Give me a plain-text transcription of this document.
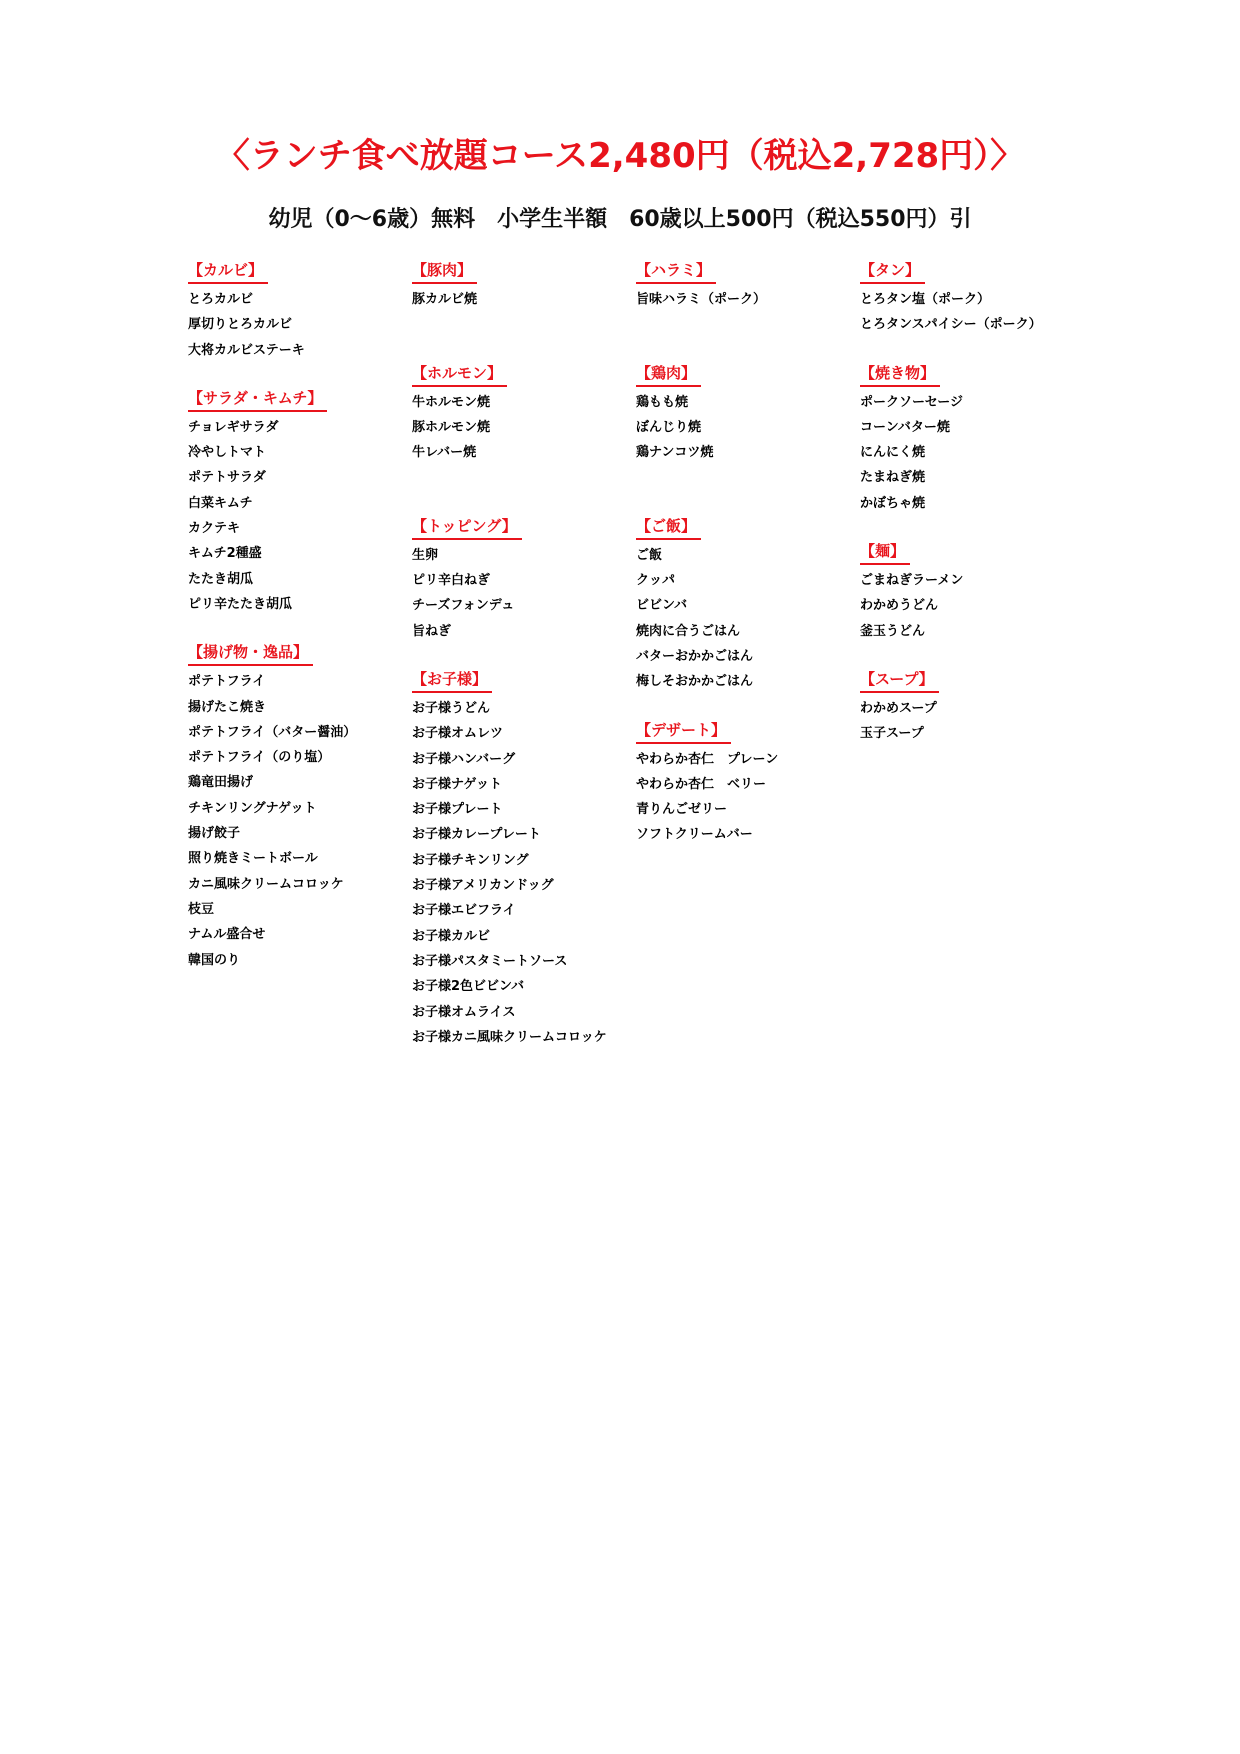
〈ランチ食べ放題コース2,480円（税込2,728円）〉
幼児（0～6歳）無料　小学生半額　60歳以上500円（税込550円）引
【カルビ】
とろカルビ
厚切りとろカルビ
大将カルビステーキ
【サラダ・キムチ】
チョレギサラダ
冷やしトマト
ポテトサラダ
白菜キムチ
カクテキ
キムチ2種盛
たたき胡瓜
ピリ辛たたき胡瓜
【揚げ物・逸品】
ポテトフライ
揚げたこ焼き
ポテトフライ（バター醤油）
ポテトフライ（のり塩）
鶏竜田揚げ
チキンリングナゲット
揚げ餃子
照り焼きミートボール
カニ風味クリームコロッケ
枝豆
ナムル盛合せ
韓国のり
【豚肉】
豚カルビ焼
【ホルモン】
牛ホルモン焼
豚ホルモン焼
牛レバー焼
【トッピング】
生卵
ピリ辛白ねぎ
チーズフォンデュ
旨ねぎ
【お子様】
お子様うどん
お子様オムレツ
お子様ハンバーグ
お子様ナゲット
お子様プレート
お子様カレープレート
お子様チキンリング
お子様アメリカンドッグ
お子様エビフライ
お子様カルビ
お子様パスタミートソース
お子様2色ビビンバ
お子様オムライス
お子様カニ風味クリームコロッケ
【ハラミ】
旨味ハラミ（ポーク）
【鶏肉】
鶏もも焼
ぼんじり焼
鶏ナンコツ焼
【ご飯】
ご飯
クッパ
ビビンバ
焼肉に合うごはん
バターおかかごはん
梅しそおかかごはん
【デザート】
やわらか杏仁　プレーン
やわらか杏仁　ベリー
青りんごゼリー
ソフトクリームバー
【タン】
とろタン塩（ポーク）
とろタンスパイシー（ポーク）
【焼き物】
ポークソーセージ
コーンバター焼
にんにく焼
たまねぎ焼
かぼちゃ焼
【麺】
ごまねぎラーメン
わかめうどん
釜玉うどん
【スープ】
わかめスープ
玉子スープ
